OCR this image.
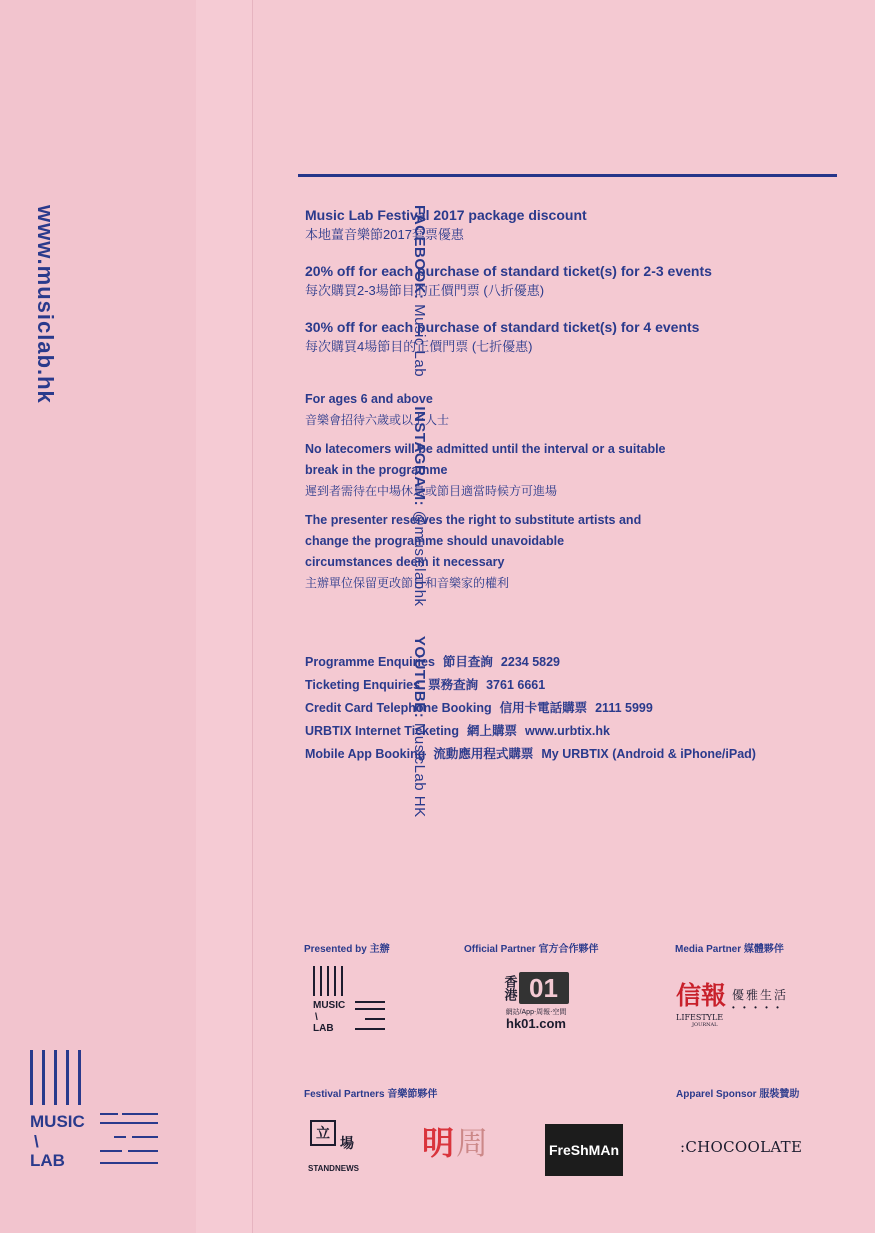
www.musiclab.hk
MUSIC
\
LAB
FACEBOOK: Music Lab  INSTAGRAM: @musiclabhk  YOUTUBE: MusicLab HK
Music Lab Festival 2017 package discount
本地薑音樂節2017套票優惠
20% off for each purchase of standard ticket(s) for 2-3 events
每次購買2-3場節目的正價門票 (八折優惠)
30% off for each purchase of standard ticket(s) for 4 events
每次購買4場節目的正價門票 (七折優惠)
For ages 6 and above
音樂會招待六歲或以上人士
No latecomers will be admitted until the interval or a suitable
break in the programme
遲到者需待在中場休息或節目適當時候方可進場
The presenter reserves the right to substitute artists and
change the programme should unavoidable
circumstances deem it necessary
主辦單位保留更改節目和音樂家的權利
Programme Enquiries 節目查詢 2234 5829
Ticketing Enquiries 票務查詢 3761 6661
Credit Card Telephone Booking 信用卡電話購票 2111 5999
URBTIX Internet Ticketing 網上購票 www.urbtix.hk
Mobile App Booking 流動應用程式購票 My URBTIX (Android & iPhone/iPad)
Presented by 主辦	Official Partner 官方合作夥伴	Media Partner 媒體夥伴
Festival Partners 音樂節夥伴	Apparel Sponsor 服裝贊助
MUSIC
\
LAB
香港 01
網站/App‧周報‧空間
hk01.com
信報 優雅生活
• • • • •
LIFESTYLE
JOURNAL
立
場
STANDNEWS
明 周	FreShMAn	:CHOCOOLATE
